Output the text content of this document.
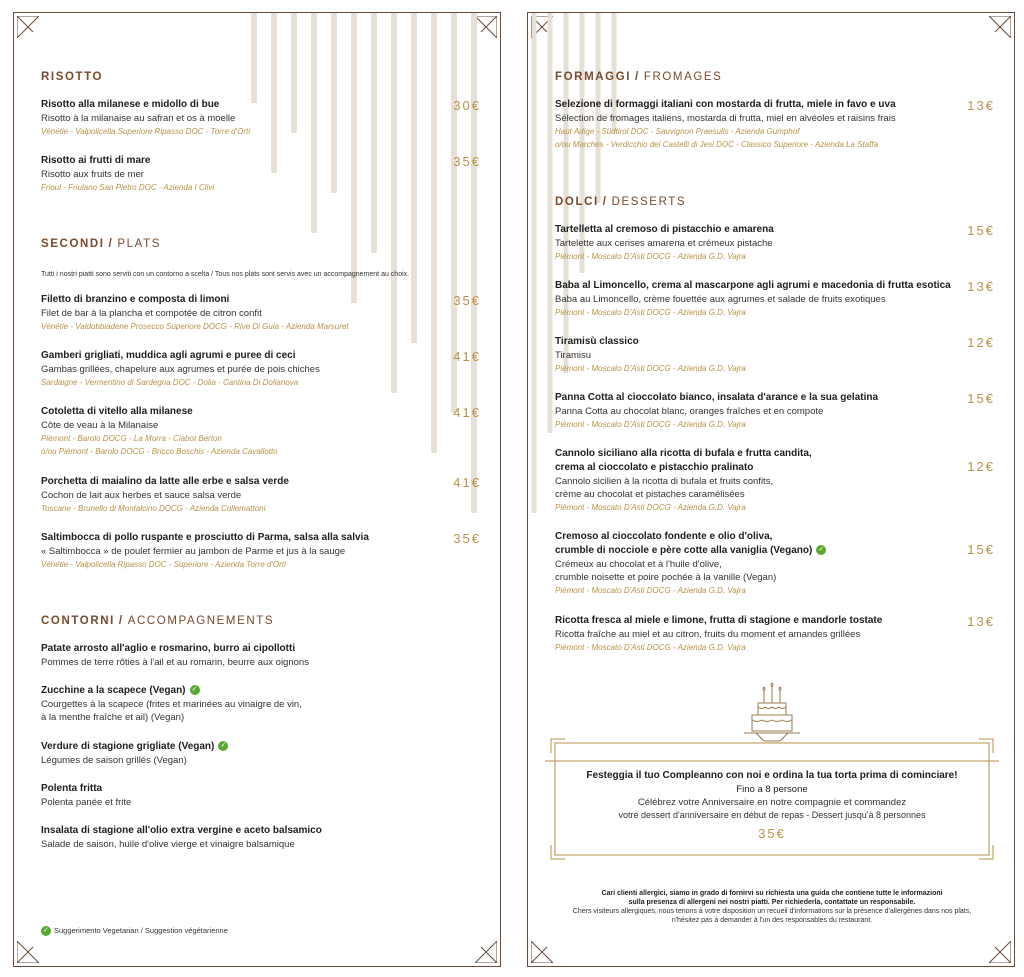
RISOTTO
Risotto alla milanese e midollo di bue
Risotto à la milanaise au safran et os à moelle
Vénétie - Valpolicella Superiore Ripasso DOC - Torre d'Orti
30€
Risotto ai frutti di mare
Risotto aux fruits de mer
Frioul - Friulano San Pietro DOC - Azienda I Clivi
35€
SECONDI / PLATS
Tutti i nostri piatti sono serviti con un contorno a scelta / Tous nos plats sont servis avec un accompagnement au choix.
Filetto di branzino e composta di limoni
Filet de bar à la plancha et compotée de citron confit
Vénétie - Valdobbiadene Prosecco Superiore DOCG - Rive Di Guia - Azienda Marsuret
35€
Gamberi grigliati, muddica agli agrumi e puree di ceci
Gambas grillées, chapelure aux agrumes et purée de pois chiches
Sardaigne - Vermentino di Sardegna DOC - Dolia - Cantina Di Dolianova
41€
Cotoletta di vitello alla milanese
Côte de veau à la Milanaise
Piémont - Barolo DOCG - La Morra - Ciabot Berton
o/ou Piémont - Barolo DOCG - Bricco Boschis - Azienda Cavallotto
41€
Porchetta di maialino da latte alle erbe e salsa verde
Cochon de lait aux herbes et sauce salsa verde
Toscane - Brunello di Montalcino DOCG - Azienda Collemattoni
41€
Saltimbocca di pollo ruspante e prosciutto di Parma, salsa alla salvia
« Saltimbocca » de poulet fermier au jambon de Parme et jus à la sauge
Vénétie - Valpolicella Ripasso DOC - Superiore - Azienda Torre d'Orti
35€
CONTORNI / ACCOMPAGNEMENTS
Patate arrosto all'aglio e rosmarino, burro ai cipollotti
Pommes de terre rôties à l'ail et au romarin, beurre aux oignons
Zucchine a la scapece (Vegan) ✓
Courgettes à la scapece (frites et marinées au vinaigre de vin,
à la menthe fraîche et ail) (Vegan)
Verdure di stagione grigliate (Vegan) ✓
Légumes de saison grillés (Vegan)
Polenta fritta
Polenta panée et frite
Insalata di stagione all'olio extra vergine e aceto balsamico
Salade de saison, huile d'olive vierge et vinaigre balsamique
✓ Suggerimento Vegetarian / Suggestion végétarienne
FORMAGGI / FROMAGES
Selezione di formaggi italiani con mostarda di frutta, miele in favo e uva
Sélection de fromages italiens, mostarda di frutta, miel en alvéoles et raisins frais
Haut Adige - Südtirol DOC - Sauvignon Praesulis - Azienda Gumphof
o/ou Marches - Verdicchio dei Castelli di Jesi DOC - Classico Superiore - Azienda La Staffa
13€
DOLCI / DESSERTS
Tartelletta al cremoso di pistacchio e amarena
Tartelette aux cerises amarena et crémeux pistache
Piémont - Moscato D'Asti DOCG - Azienda G.D. Vajra
15€
Baba al Limoncello, crema al mascarpone agli agrumi e macedonia di frutta esotica
Baba au Limoncello, crème fouettée aux agrumes et salade de fruits exotiques
Piémont - Moscato D'Asti DOCG - Azienda G.D. Vajra
13€
Tiramisù classico
Tiramisu
Piémont - Moscato D'Asti DOCG - Azienda G.D. Vajra
12€
Panna Cotta al cioccolato bianco, insalata d'arance e la sua gelatina
Panna Cotta au chocolat blanc, oranges fraîches et en compote
Piémont - Moscato D'Asti DOCG - Azienda G.D. Vajra
15€
Cannolo siciliano alla ricotta di bufala e frutta candita,
crema al cioccolato e pistacchio pralinato
Cannolo sicilien à la ricotta di bufala et fruits confits,
crème au chocolat et pistaches caramélisées
Piémont - Moscato D'Asti DOCG - Azienda G.D. Vajra
12€
Cremoso al cioccolato fondente e olio d'oliva,
crumble di nocciole e père cotte alla vaniglia (Vegano) ✓
Crémeux au chocolat et à l'huile d'olive,
crumble noisette et poire pochée à la vanille (Vegan)
Piémont - Moscato D'Asti DOCG - Azienda G.D. Vajra
15€
Ricotta fresca al miele e limone, frutta di stagione e mandorle tostate
Ricotta fraîche au miel et au citron, fruits du moment et amandes grillées
Piémont - Moscato D'Asti DOCG - Azienda G.D. Vajra
13€
Festeggia il tuo Compleanno con noi e ordina la tua torta prima di cominciare!
Fino a 8 persone
Célébrez votre Anniversaire en notre compagnie et commandez
votre dessert d'anniversaire en début de repas - Dessert jusqu'à 8 personnes
35€
Cari clienti allergici, siamo in grado di fornirvi su richiesta una guida che contiene tutte le informazioni
sulla presenza di allergeni nei nostri piatti. Per richiederla, contattate un responsabile.
Chers visiteurs allergiques, nous tenons à votre disposition un recueil d'informations sur la présence d'allergènes dans nos plats,
n'hésitez pas à demander à l'un des responsables du restaurant.
